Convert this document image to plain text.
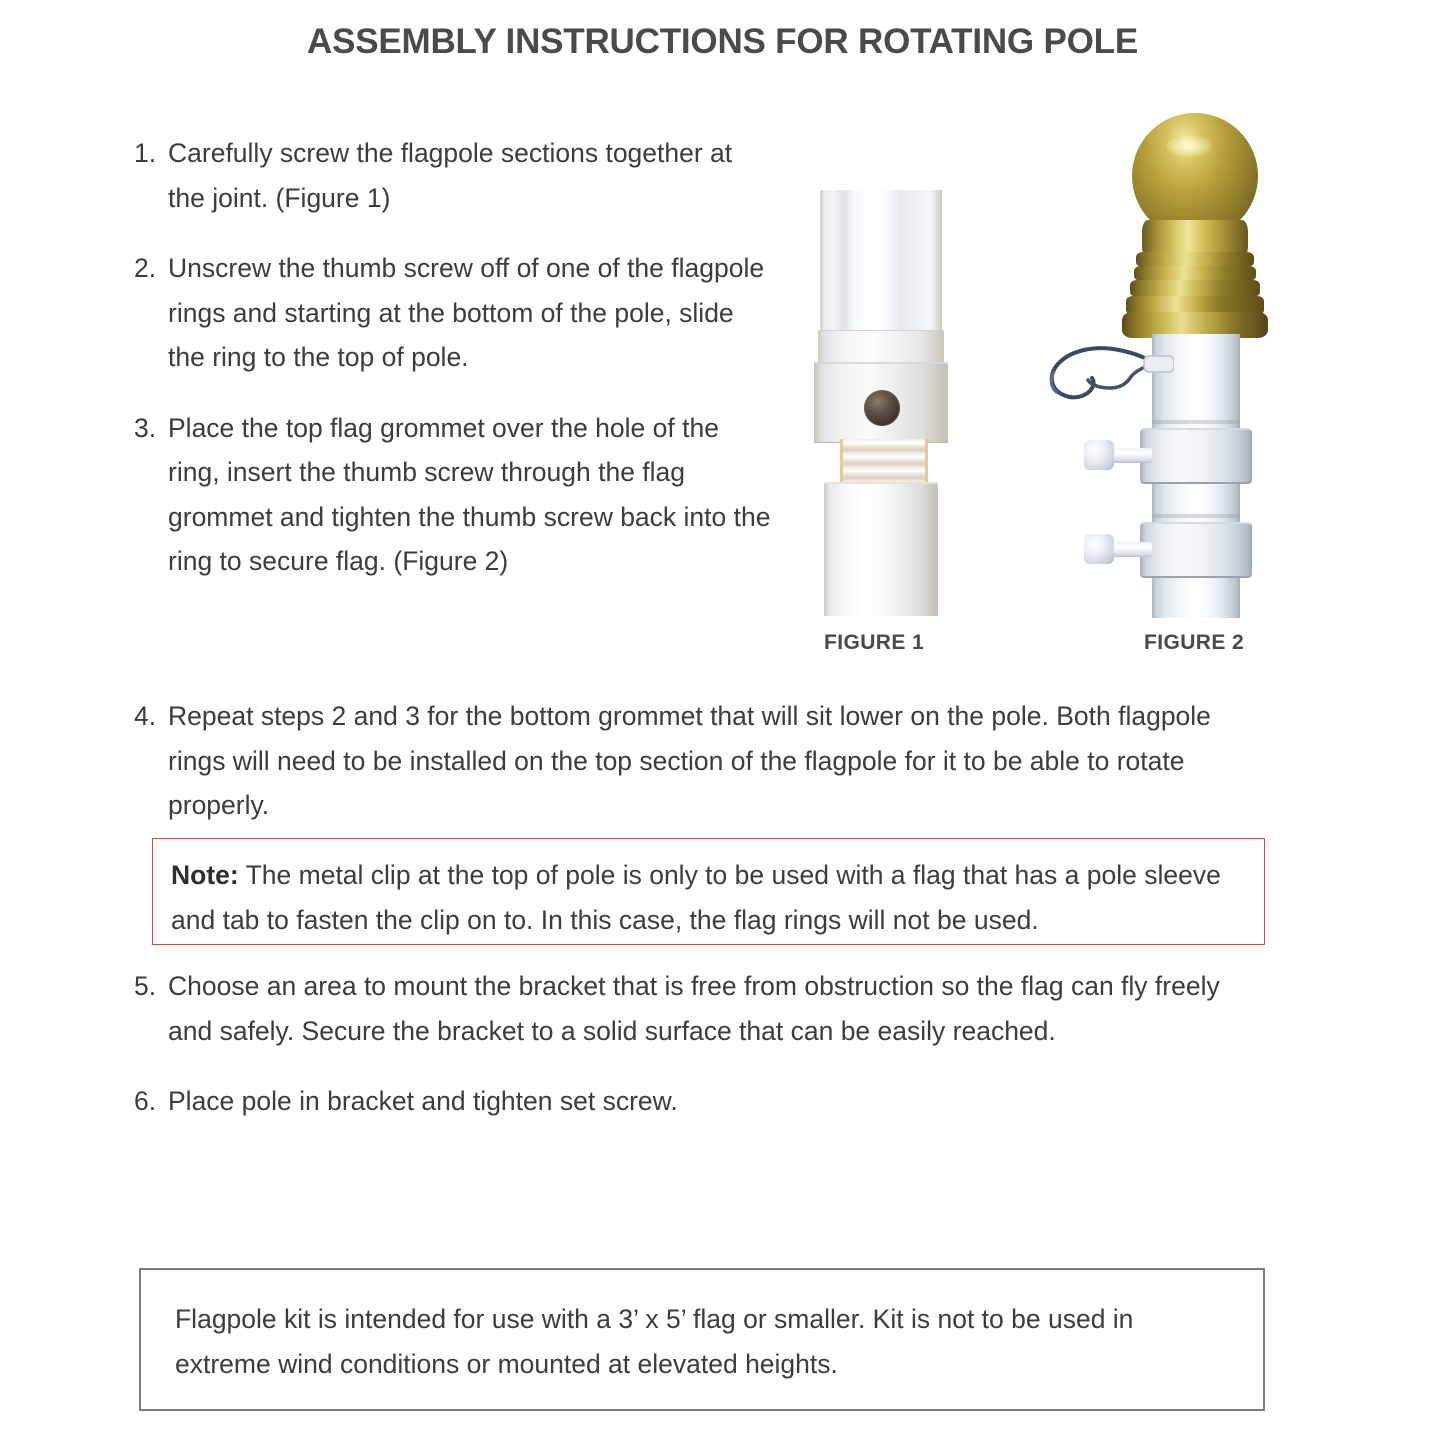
ASSEMBLY INSTRUCTIONS FOR ROTATING POLE
1. Carefully screw the flagpole sections together at the joint. (Figure 1)
2. Unscrew the thumb screw off of one of the flagpole rings and starting at the bottom of the pole, slide the ring to the top of pole.
3. Place the top flag grommet over the hole of the ring, insert the thumb screw through the flag grommet and tighten the thumb screw back into the ring to secure flag. (Figure 2)
FIGURE 1	FIGURE 2
4. Repeat steps 2 and 3 for the bottom grommet that will sit lower on the pole. Both flagpole rings will need to be installed on the top section of the flagpole for it to be able to rotate properly.
Note: The metal clip at the top of pole is only to be used with a flag that has a pole sleeve and tab to fasten the clip on to. In this case, the flag rings will not be used.
5. Choose an area to mount the bracket that is free from obstruction so the flag can fly freely and safely. Secure the bracket to a solid surface that can be easily reached.
6. Place pole in bracket and tighten set screw.
Flagpole kit is intended for use with a 3’ x 5’ flag or smaller. Kit is not to be used in extreme wind conditions or mounted at elevated heights.
